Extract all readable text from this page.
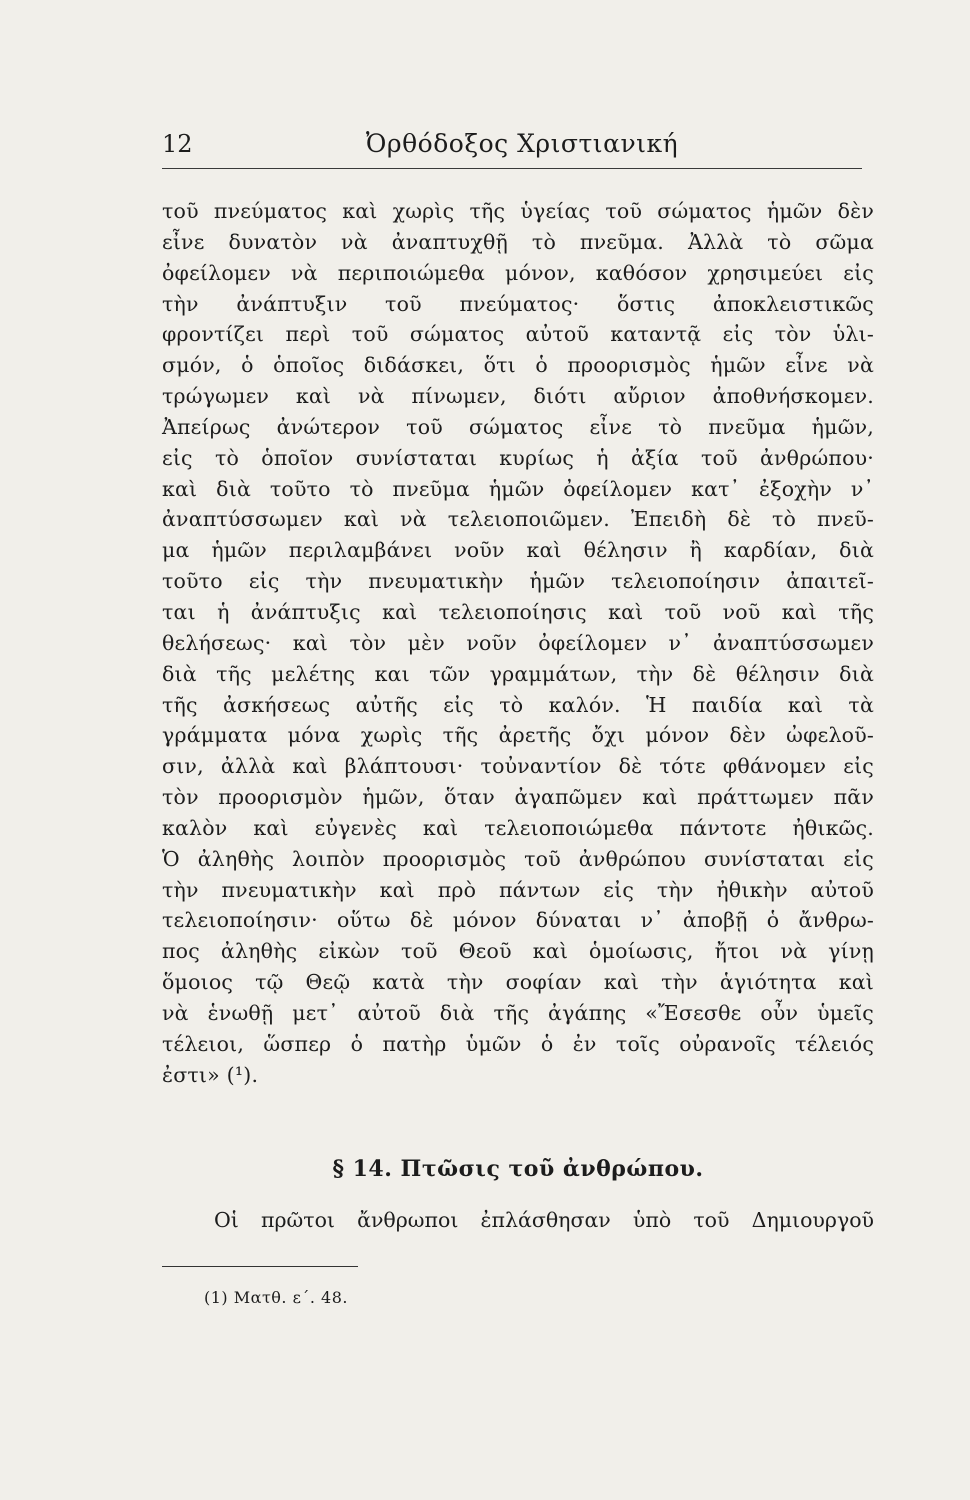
12	Ὀρθόδοξος Χριστιανική
τοῦ πνεύματος καὶ χωρὶς τῆς ὑγείας τοῦ σώματος ἡμῶν δὲν
εἶνε δυνατὸν νὰ ἀναπτυχθῇ τὸ πνεῦμα. Ἀλλὰ τὸ σῶμα
ὀφείλομεν νὰ περιποιώμεθα μόνον, καθόσον χρησιμεύει εἰς
τὴν ἀνάπτυξιν τοῦ πνεύματος· ὅστις ἀποκλειστικῶς
φροντίζει περὶ τοῦ σώματος αὐτοῦ καταντᾷ εἰς τὸν ὑλι-
σμόν, ὁ ὁποῖος διδάσκει, ὅτι ὁ προορισμὸς ἡμῶν εἶνε νὰ
τρώγωμεν καὶ νὰ πίνωμεν, διότι αὔριον ἀποθνήσκομεν.
Ἀπείρως ἀνώτερον τοῦ σώματος εἶνε τὸ πνεῦμα ἡμῶν,
εἰς τὸ ὁποῖον συνίσταται κυρίως ἡ ἀξία τοῦ ἀνθρώπου·
καὶ διὰ τοῦτο τὸ πνεῦμα ἡμῶν ὀφείλομεν κατ᾽ ἐξοχὴν ν᾽
ἀναπτύσσωμεν καὶ νὰ τελειοποιῶμεν. Ἐπειδὴ δὲ τὸ πνεῦ-
μα ἡμῶν περιλαμβάνει νοῦν καὶ θέλησιν ἢ καρδίαν, διὰ
τοῦτο εἰς τὴν πνευματικὴν ἡμῶν τελειοποίησιν ἀπαιτεῖ-
ται ἡ ἀνάπτυξις καὶ τελειοποίησις καὶ τοῦ νοῦ καὶ τῆς
θελήσεως· καὶ τὸν μὲν νοῦν ὀφείλομεν ν᾽ ἀναπτύσσωμεν
διὰ τῆς μελέτης και τῶν γραμμάτων, τὴν δὲ θέλησιν διὰ
τῆς ἀσκήσεως αὐτῆς εἰς τὸ καλόν. Ἡ παιδία καὶ τὰ
γράμματα μόνα χωρὶς τῆς ἀρετῆς ὄχι μόνον δὲν ὠφελοῦ-
σιν, ἀλλὰ καὶ βλάπτουσι· τοὐναντίον δὲ τότε φθάνομεν εἰς
τὸν προορισμὸν ἡμῶν, ὅταν ἀγαπῶμεν καὶ πράττωμεν πᾶν
καλὸν καὶ εὐγενὲς καὶ τελειοποιώμεθα πάντοτε ἠθικῶς.
Ὁ ἀληθὴς λοιπὸν προορισμὸς τοῦ ἀνθρώπου συνίσταται εἰς
τὴν πνευματικὴν καὶ πρὸ πάντων εἰς τὴν ἠθικὴν αὐτοῦ
τελειοποίησιν· οὕτω δὲ μόνον δύναται ν᾽ ἀποβῇ ὁ ἄνθρω-
πος ἀληθὴς εἰκὼν τοῦ Θεοῦ καὶ ὁμοίωσις, ἤτοι νὰ γίνῃ
ὅμοιος τῷ Θεῷ κατὰ τὴν σοφίαν καὶ τὴν ἁγιότητα καὶ
νὰ ἑνωθῇ μετ᾽ αὐτοῦ διὰ τῆς ἀγάπης «Ἔσεσθε οὖν ὑμεῖς
τέλειοι, ὥσπερ ὁ πατὴρ ὑμῶν ὁ ἐν τοῖς οὐρανοῖς τέλειός
ἐστι» (¹).
§ 14. Πτῶσις τοῦ ἀνθρώπου.
Οἱ πρῶτοι ἄνθρωποι ἐπλάσθησαν ὑπὸ τοῦ Δημιουργοῦ
(1) Ματθ. ε΄. 48.
